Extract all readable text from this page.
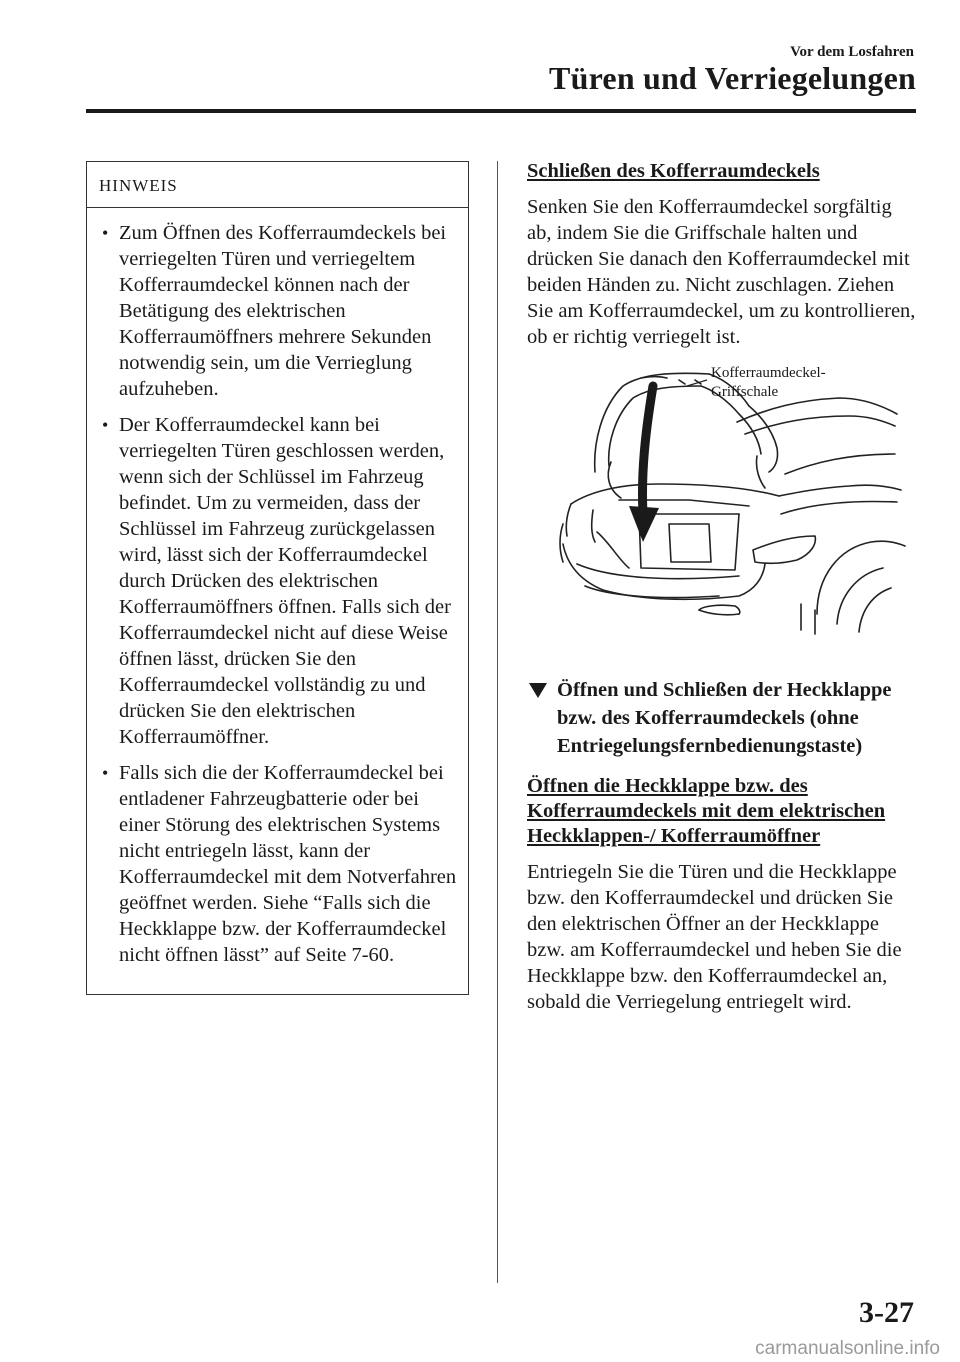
Vor dem Losfahren
Türen und Verriegelungen
HINWEIS
• Zum Öffnen des Kofferraumdeckels bei verriegelten Türen und verriegeltem Kofferraumdeckel können nach der Betätigung des elektrischen Kofferraumöffners mehrere Sekunden notwendig sein, um die Verrieglung aufzuheben.
• Der Kofferraumdeckel kann bei verriegelten Türen geschlossen werden, wenn sich der Schlüssel im Fahrzeug befindet. Um zu vermeiden, dass der Schlüssel im Fahrzeug zurückgelassen wird, lässt sich der Kofferraumdeckel durch Drücken des elektrischen Kofferraumöffners öffnen. Falls sich der Kofferraumdeckel nicht auf diese Weise öffnen lässt, drücken Sie den Kofferraumdeckel vollständig zu und drücken Sie den elektrischen Kofferraumöffner.
• Falls sich die der Kofferraumdeckel bei entladener Fahrzeugbatterie oder bei einer Störung des elektrischen Systems nicht entriegeln lässt, kann der Kofferraumdeckel mit dem Notverfahren geöffnet werden. Siehe “Falls sich die Heckklappe bzw. der Kofferraumdeckel nicht öffnen lässt” auf Seite 7-60.

Schließen des Kofferraumdeckels

Senken Sie den Kofferraumdeckel sorgfältig ab, indem Sie die Griffschale halten und drücken Sie danach den Kofferraumdeckel mit beiden Händen zu. Nicht zuschlagen. Ziehen Sie am Kofferraumdeckel, um zu kontrollieren, ob er richtig verriegelt ist.

Kofferraumdeckel-
Griffschale
Öffnen und Schließen der Heckklappe bzw. des Kofferraumdeckels (ohne Entriegelungsfernbedienungstaste)

Öffnen die Heckklappe bzw. des Kofferraumdeckels mit dem elektrischen Heckklappen-/ Kofferraumöffner

Entriegeln Sie die Türen und die Heckklappe bzw. den Kofferraumdeckel und drücken Sie den elektrischen Öffner an der Heckklappe bzw. am Kofferraumdeckel und heben Sie die Heckklappe bzw. den Kofferraumdeckel an, sobald die Verriegelung entriegelt wird.

3-27
carmanualsonline.info
